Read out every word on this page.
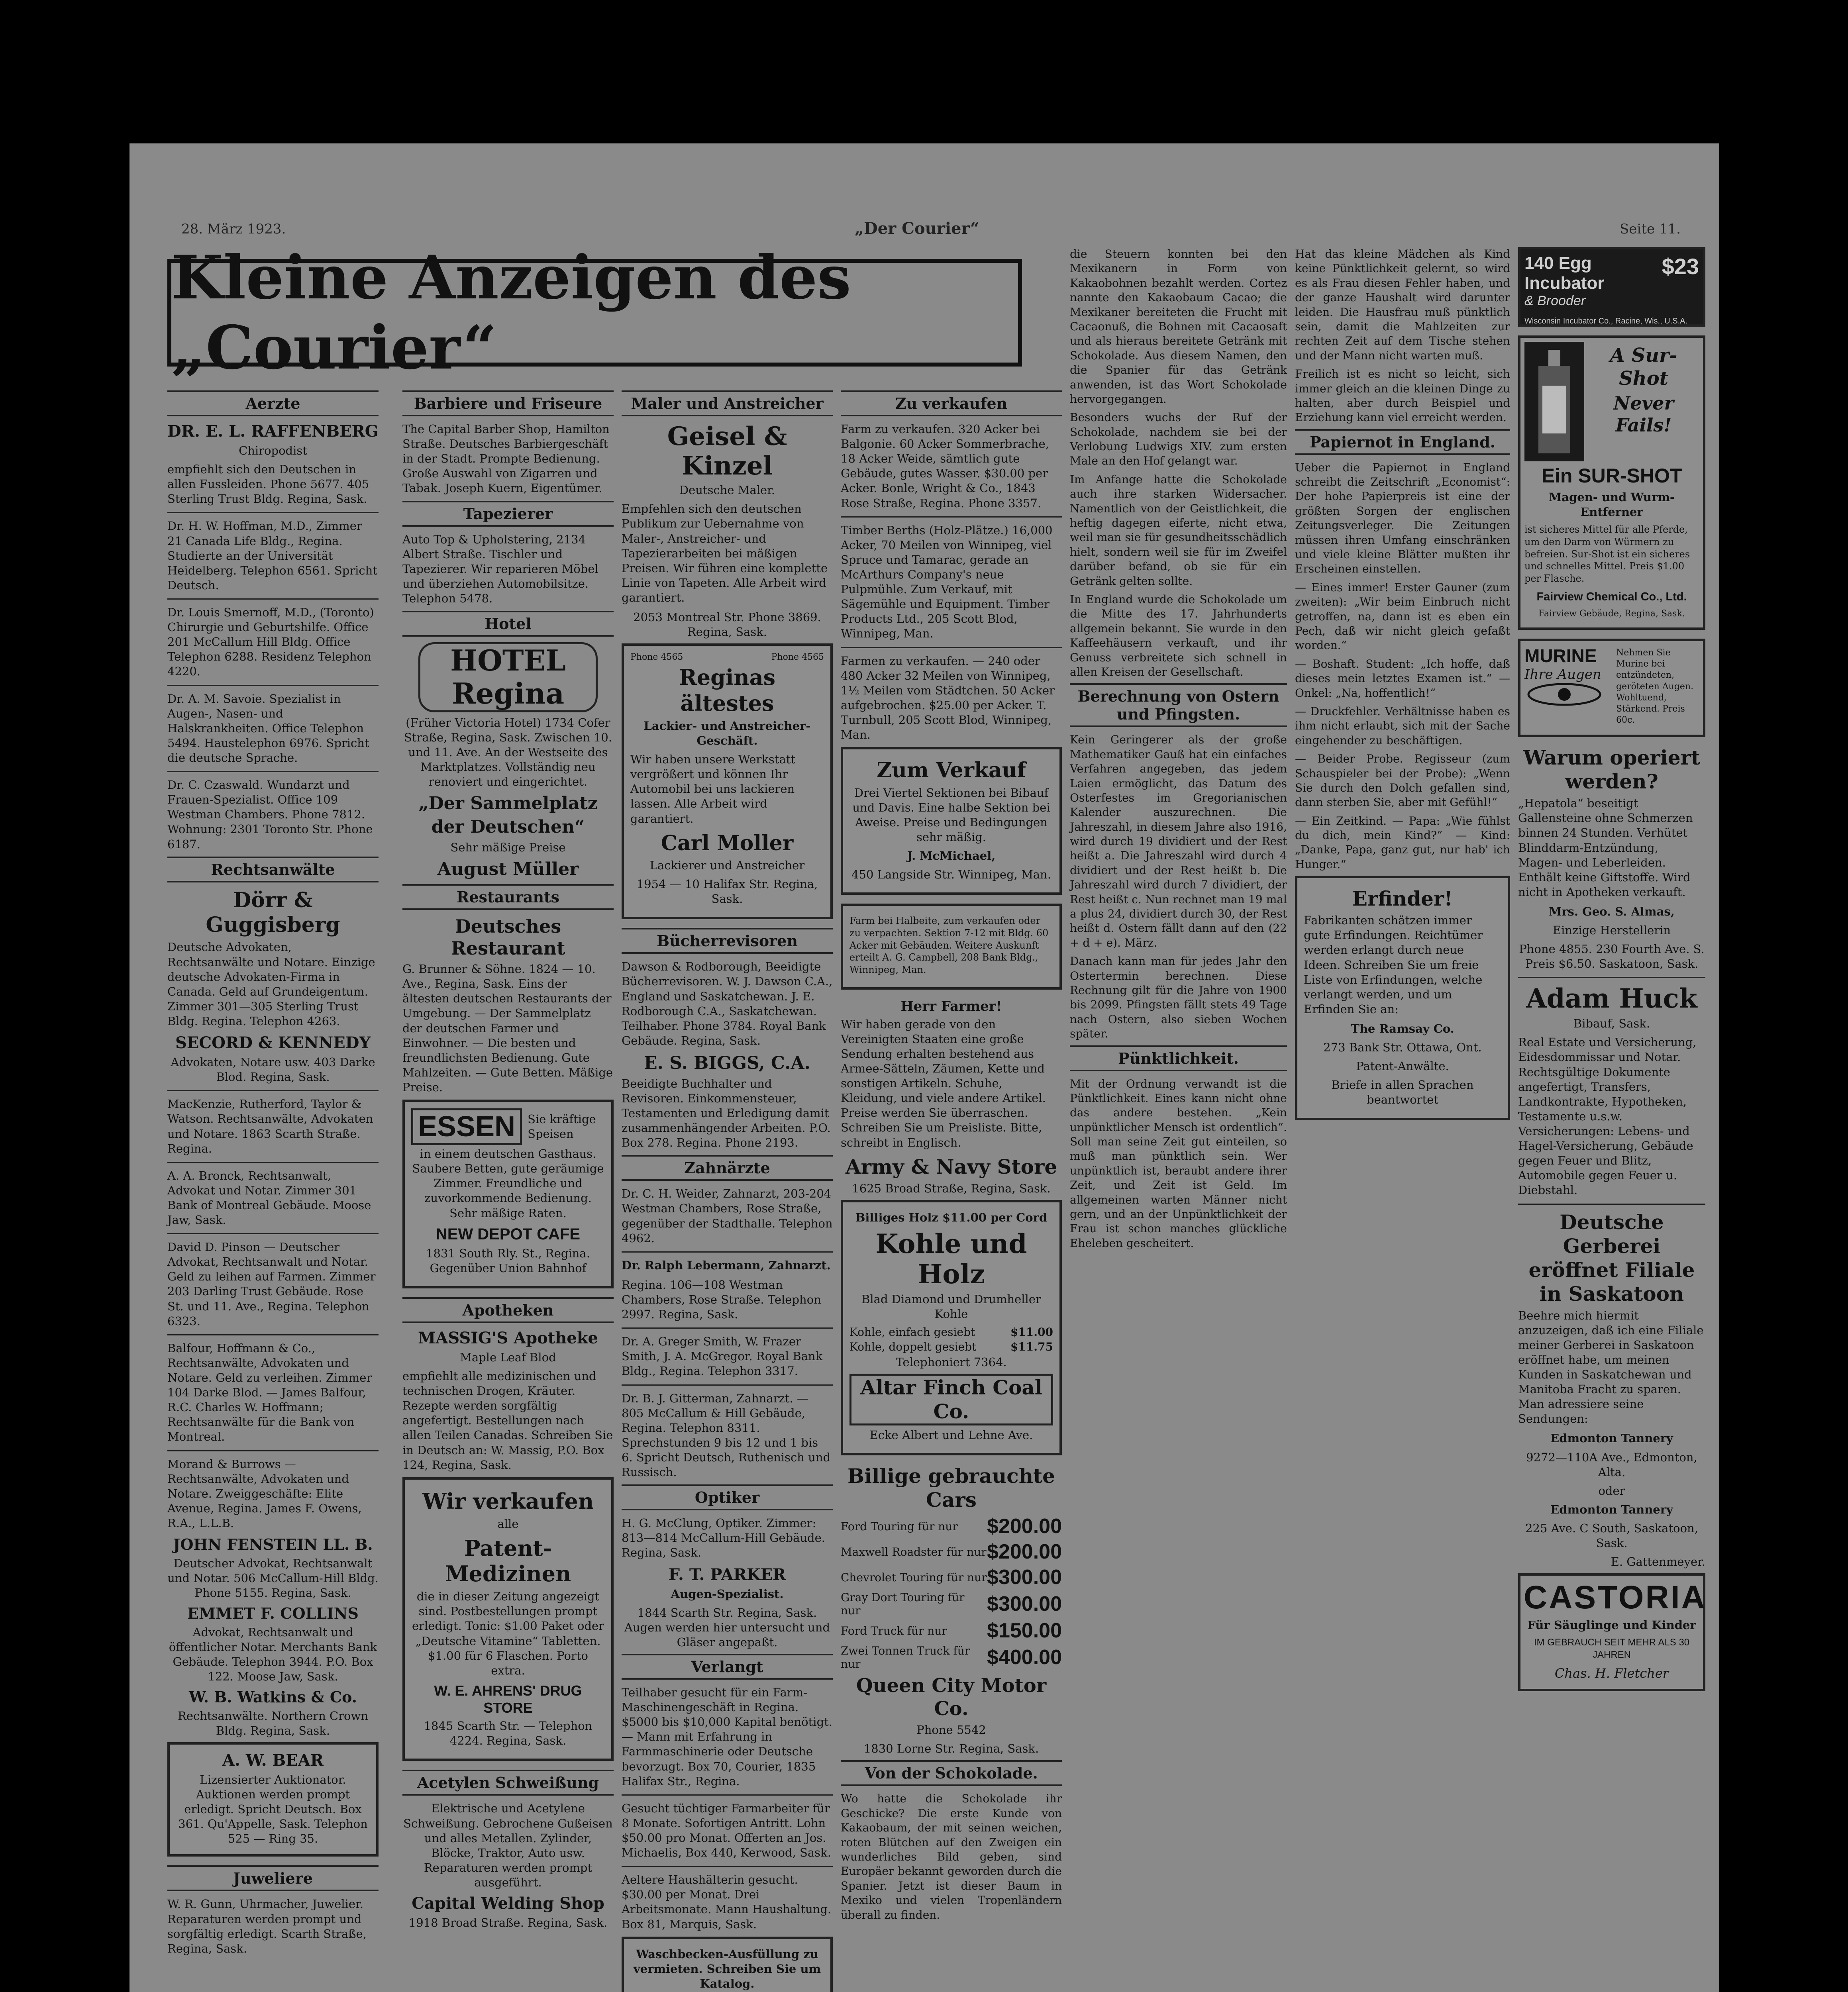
28. März 1923.	„Der Courier“	Seite 11.
Kleine Anzeigen des „Courier“
Aerzte
DR. E. L. RAFFENBERG
Chiropodist
empfiehlt sich den Deutschen in allen Fussleiden. Phone 5677. 405 Sterling Trust Bldg. Regina, Sask.
Dr. H. W. Hoffman, M.D., Zimmer 21 Canada Life Bldg., Regina. Studierte an der Universität Heidelberg. Telephon 6561. Spricht Deutsch.
Dr. Louis Smernoff, M.D., (Toronto) Chirurgie und Geburtshilfe. Office 201 McCallum Hill Bldg. Office Telephon 6288. Residenz Telephon 4220.
Dr. A. M. Savoie. Spezialist in Augen-, Nasen- und Halskrankheiten. Office Telephon 5494. Haustelephon 6976. Spricht die deutsche Sprache.
Dr. C. Czaswald. Wundarzt und Frauen-Spezialist. Office 109 Westman Chambers. Phone 7812. Wohnung: 2301 Toronto Str. Phone 6187.
Rechtsanwälte
Dörr & Guggisberg
Deutsche Advokaten, Rechtsanwälte und Notare. Einzige deutsche Advokaten-Firma in Canada. Geld auf Grundeigentum. Zimmer 301—305 Sterling Trust Bldg. Regina. Telephon 4263.
SECORD & KENNEDY
Advokaten, Notare usw. 403 Darke Blod. Regina, Sask.
MacKenzie, Rutherford, Taylor & Watson. Rechtsanwälte, Advokaten und Notare. 1863 Scarth Straße. Regina.
A. A. Bronck, Rechtsanwalt, Advokat und Notar. Zimmer 301 Bank of Montreal Gebäude. Moose Jaw, Sask.
David D. Pinson — Deutscher Advokat, Rechtsanwalt und Notar. Geld zu leihen auf Farmen. Zimmer 203 Darling Trust Gebäude. Rose St. und 11. Ave., Regina. Telephon 6323.
Balfour, Hoffmann & Co., Rechtsanwälte, Advokaten und Notare. Geld zu verleihen. Zimmer 104 Darke Blod. — James Balfour, R.C. Charles W. Hoffmann; Rechtsanwälte für die Bank von Montreal.
Morand & Burrows — Rechtsanwälte, Advokaten und Notare. Zweiggeschäfte: Elite Avenue, Regina. James F. Owens, R.A., L.L.B.
JOHN FENSTEIN LL. B.
Deutscher Advokat, Rechtsanwalt und Notar. 506 McCallum-Hill Bldg. Phone 5155. Regina, Sask.
EMMET F. COLLINS
Advokat, Rechtsanwalt und öffentlicher Notar. Merchants Bank Gebäude. Telephon 3944. P.O. Box 122. Moose Jaw, Sask.
W. B. Watkins & Co.
Rechtsanwälte. Northern Crown Bldg. Regina, Sask.
A. W. BEAR
Lizensierter Auktionator. Auktionen werden prompt erledigt. Spricht Deutsch. Box 361. Qu'Appelle, Sask. Telephon 525 — Ring 35.
Juweliere
W. R. Gunn, Uhrmacher, Juwelier. Reparaturen werden prompt und sorgfältig erledigt. Scarth Straße, Regina, Sask.
Barbiere und Friseure
The Capital Barber Shop, Hamilton Straße. Deutsches Barbiergeschäft in der Stadt. Prompte Bedienung. Große Auswahl von Zigarren und Tabak. Joseph Kuern, Eigentümer.
Tapezierer
Auto Top & Upholstering, 2134 Albert Straße. Tischler und Tapezierer. Wir reparieren Möbel und überziehen Automobilsitze. Telephon 5478.
Hotel
HOTEL Regina
(Früher Victoria Hotel) 1734 Cofer Straße, Regina, Sask. Zwischen 10. und 11. Ave. An der Westseite des Marktplatzes. Vollständig neu renoviert und eingerichtet.
„Der Sammelplatz
der Deutschen“
Sehr mäßige Preise
August Müller
Restaurants
Deutsches Restaurant
G. Brunner & Söhne. 1824 — 10. Ave., Regina, Sask. Eins der ältesten deutschen Restaurants der Umgebung. — Der Sammelplatz der deutschen Farmer und Einwohner. — Die besten und freundlichsten Bedienung. Gute Mahlzeiten. — Gute Betten. Mäßige Preise.
ESSEN	Sie kräftige Speisen
in einem deutschen Gasthaus. Saubere Betten, gute geräumige Zimmer. Freundliche und zuvorkommende Bedienung. Sehr mäßige Raten.
NEW DEPOT CAFE
1831 South Rly. St., Regina. Gegenüber Union Bahnhof
Apotheken
MASSIG'S Apotheke
Maple Leaf Blod
empfiehlt alle medizinischen und technischen Drogen, Kräuter. Rezepte werden sorgfältig angefertigt. Bestellungen nach allen Teilen Canadas. Schreiben Sie in Deutsch an: W. Massig, P.O. Box 124, Regina, Sask.
Wir verkaufen
alle
Patent-Medizinen
die in dieser Zeitung angezeigt sind. Postbestellungen prompt erledigt. Tonic: $1.00 Paket oder „Deutsche Vitamine“ Tabletten. $1.00 für 6 Flaschen. Porto extra.
W. E. AHRENS' DRUG STORE
1845 Scarth Str. — Telephon 4224. Regina, Sask.
Acetylen Schweißung
Elektrische und Acetylene Schweißung. Gebrochene Gußeisen und alles Metallen. Zylinder, Blöcke, Traktor, Auto usw. Reparaturen werden prompt ausgeführt.
Capital Welding Shop
1918 Broad Straße. Regina, Sask.
Maler und Anstreicher
Geisel & Kinzel
Deutsche Maler.
Empfehlen sich den deutschen Publikum zur Uebernahme von Maler-, Anstreicher- und Tapezierarbeiten bei mäßigen Preisen. Wir führen eine komplette Linie von Tapeten. Alle Arbeit wird garantiert.
2053 Montreal Str. Phone 3869. Regina, Sask.
Phone 4565	Phone 4565
Reginas ältestes
Lackier- und Anstreicher-Geschäft.
Wir haben unsere Werkstatt vergrößert und können Ihr Automobil bei uns lackieren lassen. Alle Arbeit wird garantiert.
Carl Moller
Lackierer und Anstreicher
1954 — 10 Halifax Str. Regina, Sask.
Bücherrevisoren
Dawson & Rodborough, Beeidigte Bücherrevisoren. W. J. Dawson C.A., England und Saskatchewan. J. E. Rodborough C.A., Saskatchewan. Teilhaber. Phone 3784. Royal Bank Gebäude. Regina, Sask.
E. S. BIGGS, C.A.
Beeidigte Buchhalter und Revisoren. Einkommensteuer, Testamenten und Erledigung damit zusammenhängender Arbeiten. P.O. Box 278. Regina. Phone 2193.
Zahnärzte
Dr. C. H. Weider, Zahnarzt, 203-204 Westman Chambers, Rose Straße, gegenüber der Stadthalle. Telephon 4962.
Dr. Ralph Lebermann, Zahnarzt.
Regina. 106—108 Westman Chambers, Rose Straße. Telephon 2997. Regina, Sask.
Dr. A. Greger Smith, W. Frazer Smith, J. A. McGregor. Royal Bank Bldg., Regina. Telephon 3317.
Dr. B. J. Gitterman, Zahnarzt. — 805 McCallum & Hill Gebäude, Regina. Telephon 8311. Sprechstunden 9 bis 12 und 1 bis 6. Spricht Deutsch, Ruthenisch und Russisch.
Optiker
H. G. McClung, Optiker. Zimmer: 813—814 McCallum-Hill Gebäude. Regina, Sask.
F. T. PARKER
Augen-Spezialist.
1844 Scarth Str. Regina, Sask. Augen werden hier untersucht und Gläser angepaßt.
Verlangt
Teilhaber gesucht für ein Farm-Maschinengeschäft in Regina. $5000 bis $10,000 Kapital benötigt. — Mann mit Erfahrung in Farmmaschinerie oder Deutsche bevorzugt. Box 70, Courier, 1835 Halifax Str., Regina.
Gesucht tüchtiger Farmarbeiter für 8 Monate. Sofortigen Antritt. Lohn $50.00 pro Monat. Offerten an Jos. Michaelis, Box 440, Kerwood, Sask.
Aeltere Haushälterin gesucht. $30.00 per Monat. Drei Arbeitsmonate. Mann Haushaltung. Box 81, Marquis, Sask.
Waschbecken-Ausfüllung zu vermieten. Schreiben Sie um Katalog.
Zu verkaufen
Farm zu verkaufen. 320 Acker bei Balgonie. 60 Acker Sommerbrache, 18 Acker Weide, sämtlich gute Gebäude, gutes Wasser. $30.00 per Acker. Bonle, Wright & Co., 1843 Rose Straße, Regina. Phone 3357.
Timber Berths (Holz-Plätze.) 16,000 Acker, 70 Meilen von Winnipeg, viel Spruce und Tamarac, gerade an McArthurs Company's neue Pulpmühle. Zum Verkauf, mit Sägemühle und Equipment. Timber Products Ltd., 205 Scott Blod, Winnipeg, Man.
Farmen zu verkaufen. — 240 oder 480 Acker 32 Meilen von Winnipeg, 1½ Meilen vom Städtchen. 50 Acker aufgebrochen. $25.00 per Acker. T. Turnbull, 205 Scott Blod, Winnipeg, Man.
Zum Verkauf
Drei Viertel Sektionen bei Bibauf und Davis. Eine halbe Sektion bei Aweise. Preise und Bedingungen sehr mäßig.
J. McMichael,
450 Langside Str. Winnipeg, Man.
Farm bei Halbeite, zum verkaufen oder zu verpachten. Sektion 7-12 mit Bldg. 60 Acker mit Gebäuden. Weitere Auskunft erteilt A. G. Campbell, 208 Bank Bldg., Winnipeg, Man.
Herr Farmer!
Wir haben gerade von den Vereinigten Staaten eine große Sendung erhalten bestehend aus Armee-Sätteln, Zäumen, Kette und sonstigen Artikeln. Schuhe, Kleidung, und viele andere Artikel. Preise werden Sie überraschen. Schreiben Sie um Preisliste. Bitte, schreibt in Englisch.
Army & Navy Store
1625 Broad Straße, Regina, Sask.
Billiges Holz $11.00 per Cord
Kohle und Holz
Blad Diamond und Drumheller Kohle
Kohle, einfach gesiebt	$11.00
Kohle, doppelt gesiebt	$11.75
Telephoniert 7364.
Altar Finch Coal Co.
Ecke Albert und Lehne Ave.
Billige gebrauchte Cars
Ford Touring für nur $200.00
Maxwell Roadster für nur $200.00
Chevrolet Touring für nur $300.00
Gray Dort Touring für nur	$300.00
Ford Truck für nur $150.00
Zwei Tonnen Truck für nur	$400.00
Queen City Motor Co.
Phone 5542
1830 Lorne Str. Regina, Sask.
Von der Schokolade.
Wo hatte die Schokolade ihr Geschicke? Die erste Kunde von Kakaobaum, der mit seinen weichen, roten Blütchen auf den Zweigen ein wunderliches Bild geben, sind Europäer bekannt geworden durch die Spanier. Jetzt ist dieser Baum in Mexiko und vielen Tropenländern überall zu finden.
die Steuern konnten bei den Mexikanern in Form von Kakaobohnen bezahlt werden. Cortez nannte den Kakaobaum Cacao; die Mexikaner bereiteten die Frucht mit Cacaonuß, die Bohnen mit Cacaosaft und als hieraus bereitete Getränk mit Schokolade. Aus diesem Namen, den die Spanier für das Getränk anwenden, ist das Wort Schokolade hervorgegangen.
Besonders wuchs der Ruf der Schokolade, nachdem sie bei der Verlobung Ludwigs XIV. zum ersten Male an den Hof gelangt war.
Im Anfange hatte die Schokolade auch ihre starken Widersacher. Namentlich von der Geistlichkeit, die heftig dagegen eiferte, nicht etwa, weil man sie für gesundheitsschädlich hielt, sondern weil sie für im Zweifel darüber befand, ob sie für ein Getränk gelten sollte.
In England wurde die Schokolade um die Mitte des 17. Jahrhunderts allgemein bekannt. Sie wurde in den Kaffeehäusern verkauft, und ihr Genuss verbreitete sich schnell in allen Kreisen der Gesellschaft.
Berechnung von Ostern und Pfingsten.
Kein Geringerer als der große Mathematiker Gauß hat ein einfaches Verfahren angegeben, das jedem Laien ermöglicht, das Datum des Osterfestes im Gregorianischen Kalender auszurechnen. Die Jahreszahl, in diesem Jahre also 1916, wird durch 19 dividiert und der Rest heißt a. Die Jahreszahl wird durch 4 dividiert und der Rest heißt b. Die Jahreszahl wird durch 7 dividiert, der Rest heißt c. Nun rechnet man 19 mal a plus 24, dividiert durch 30, der Rest heißt d. Ostern fällt dann auf den (22 + d + e). März.
Danach kann man für jedes Jahr den Ostertermin berechnen. Diese Rechnung gilt für die Jahre von 1900 bis 2099. Pfingsten fällt stets 49 Tage nach Ostern, also sieben Wochen später.
Pünktlichkeit.
Mit der Ordnung verwandt ist die Pünktlichkeit. Eines kann nicht ohne das andere bestehen. „Kein unpünktlicher Mensch ist ordentlich“. Soll man seine Zeit gut einteilen, so muß man pünktlich sein. Wer unpünktlich ist, beraubt andere ihrer Zeit, und Zeit ist Geld. Im allgemeinen warten Männer nicht gern, und an der Unpünktlichkeit der Frau ist schon manches glückliche Eheleben gescheitert.
Hat das kleine Mädchen als Kind keine Pünktlichkeit gelernt, so wird es als Frau diesen Fehler haben, und der ganze Haushalt wird darunter leiden. Die Hausfrau muß pünktlich sein, damit die Mahlzeiten zur rechten Zeit auf dem Tische stehen und der Mann nicht warten muß.
Freilich ist es nicht so leicht, sich immer gleich an die kleinen Dinge zu halten, aber durch Beispiel und Erziehung kann viel erreicht werden.
Papiernot in England.
Ueber die Papiernot in England schreibt die Zeitschrift „Economist“: Der hohe Papierpreis ist eine der größten Sorgen der englischen Zeitungsverleger. Die Zeitungen müssen ihren Umfang einschränken und viele kleine Blätter mußten ihr Erscheinen einstellen.
— Eines immer! Erster Gauner (zum zweiten): „Wir beim Einbruch nicht getroffen, na, dann ist es eben ein Pech, daß wir nicht gleich gefaßt worden.“
— Boshaft. Student: „Ich hoffe, daß dieses mein letztes Examen ist.“ — Onkel: „Na, hoffentlich!“
— Druckfehler. Verhältnisse haben es ihm nicht erlaubt, sich mit der Sache eingehender zu beschäftigen.
— Beider Probe. Regisseur (zum Schauspieler bei der Probe): „Wenn Sie durch den Dolch gefallen sind, dann sterben Sie, aber mit Gefühl!“
— Ein Zeitkind. — Papa: „Wie fühlst du dich, mein Kind?“ — Kind: „Danke, Papa, ganz gut, nur hab' ich Hunger.“
Erfinder!
Fabrikanten schätzen immer gute Erfindungen. Reichtümer werden erlangt durch neue Ideen. Schreiben Sie um freie Liste von Erfindungen, welche verlangt werden, und um Erfinden Sie an:
The Ramsay Co.
273 Bank Str. Ottawa, Ont.
Patent-Anwälte.
Briefe in allen Sprachen beantwortet
140 Egg Incubator
$23
& Brooder
Wisconsin Incubator Co., Racine, Wis., U.S.A.
A Sur-Shot
Never Fails!
Ein SUR-SHOT
Magen- und Wurm-Entferner
ist sicheres Mittel für alle Pferde, um den Darm von Würmern zu befreien. Sur-Shot ist ein sicheres und schnelles Mittel. Preis $1.00 per Flasche.
Fairview Chemical Co., Ltd.
Fairview Gebäude, Regina, Sask.
MURINE
Ihre Augen
Nehmen Sie Murine bei entzündeten, geröteten Augen. Wohltuend, Stärkend. Preis 60c.
Warum operiert werden?
„Hepatola“ beseitigt Gallensteine ohne Schmerzen binnen 24 Stunden. Verhütet Blinddarm-Entzündung, Magen- und Leberleiden. Enthält keine Giftstoffe. Wird nicht in Apotheken verkauft.
Mrs. Geo. S. Almas,
Einzige Herstellerin
Phone 4855. 230 Fourth Ave. S. Preis $6.50. Saskatoon, Sask.
Adam Huck
Bibauf, Sask.
Real Estate und Versicherung, Eidesdommissar und Notar. Rechtsgültige Dokumente angefertigt, Transfers, Landkontrakte, Hypotheken, Testamente u.s.w. Versicherungen: Lebens- und Hagel-Versicherung, Gebäude gegen Feuer und Blitz, Automobile gegen Feuer u. Diebstahl.
Deutsche Gerberei eröffnet Filiale in Saskatoon
Beehre mich hiermit anzuzeigen, daß ich eine Filiale meiner Gerberei in Saskatoon eröffnet habe, um meinen Kunden in Saskatchewan und Manitoba Fracht zu sparen. Man adressiere seine Sendungen:
Edmonton Tannery
9272—110A Ave., Edmonton, Alta.
oder
Edmonton Tannery
225 Ave. C South, Saskatoon, Sask.
E. Gattenmeyer.
CASTORIA
Für Säuglinge und Kinder
IM GEBRAUCH SEIT MEHR ALS 30 JAHREN
Chas. H. Fletcher
